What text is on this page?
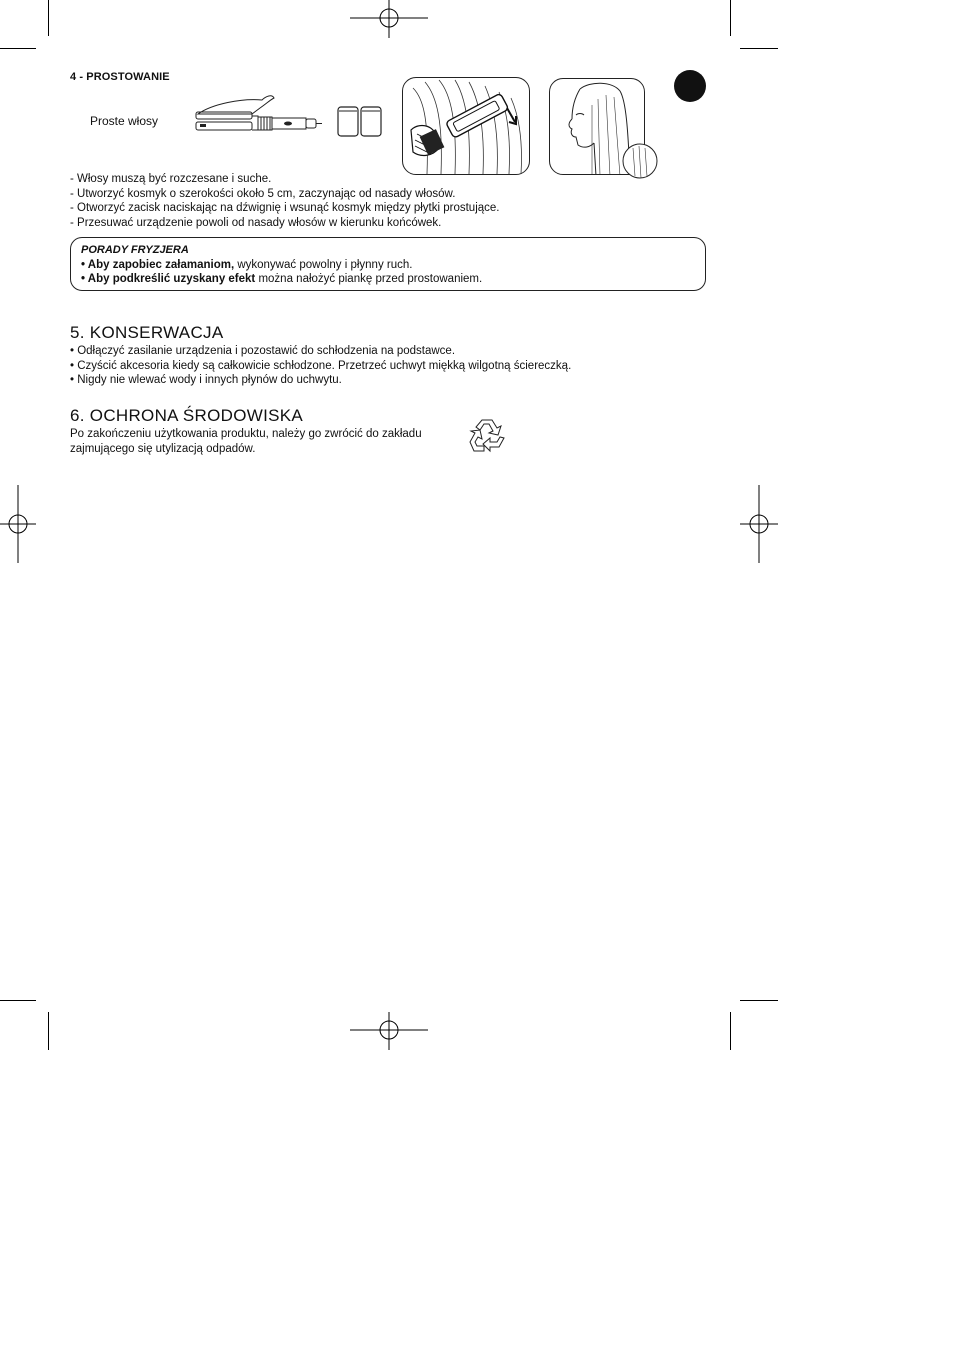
4 - PROSTOWANIE
Proste włosy
- Włosy muszą być rozczesane i suche.
- Utworzyć kosmyk o szerokości około 5 cm, zaczynając od nasady włosów.
- Otworzyć zacisk naciskając na dźwignię i wsunąć kosmyk między płytki prostujące.
- Przesuwać urządzenie powoli od nasady włosów w kierunku końcówek.
PORADY FRYZJERA
• Aby zapobiec załamaniom, wykonywać powolny i płynny ruch.
• Aby podkreślić uzyskany efekt można nałożyć piankę przed prostowaniem.
5. KONSERWACJA
• Odłączyć zasilanie urządzenia i pozostawić do schłodzenia na podstawce.
• Czyścić akcesoria kiedy są całkowicie schłodzone. Przetrzeć uchwyt miękką wilgotną ściereczką.
• Nigdy nie wlewać wody i innych płynów do uchwytu.
6. OCHRONA ŚRODOWISKA
Po zakończeniu użytkowania produktu, należy go zwrócić do zakładu
zajmującego się utylizacją odpadów.
